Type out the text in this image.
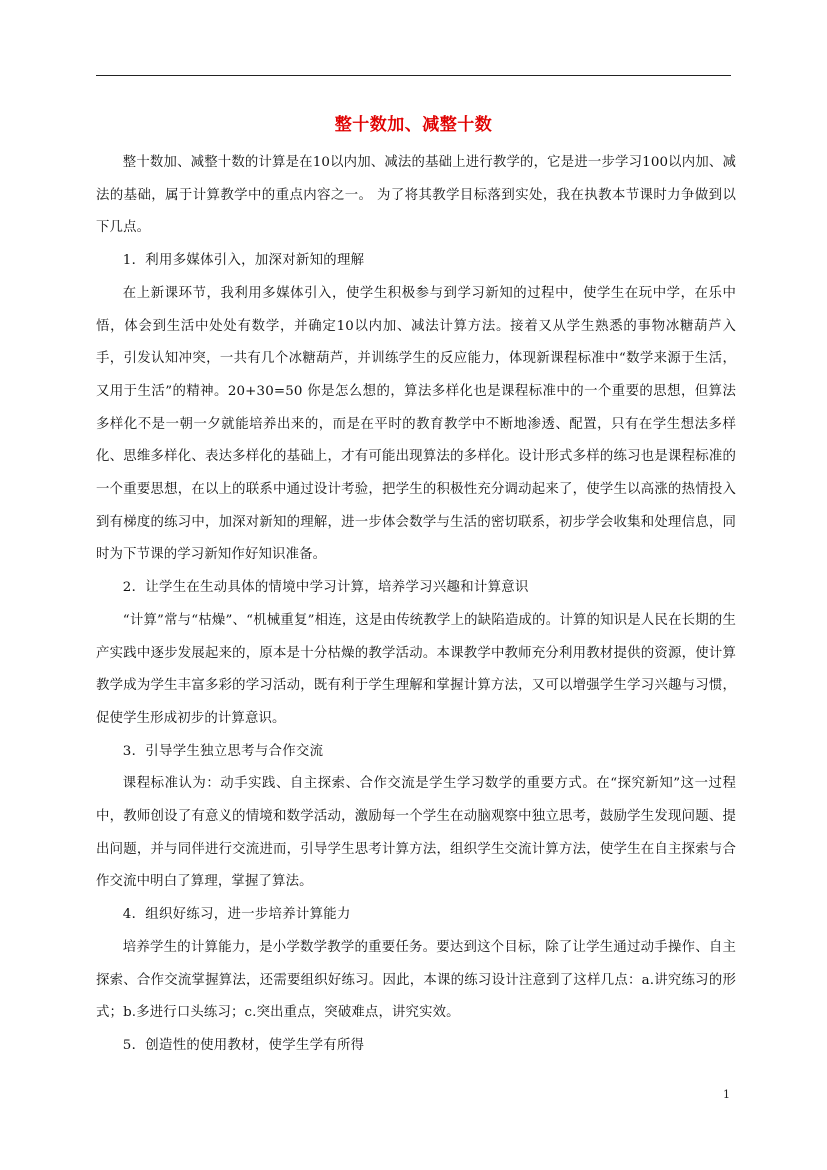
整十数加、减整十数

整十数加、减整十数的计算是在10以内加、减法的基础上进行教学的，它是进一步学习100以内加、减法的基础，属于计算教学中的重点内容之一。 为了将其教学目标落到实处，我在执教本节课时力争做到以下几点。

1．利用多媒体引入，加深对新知的理解

在上新课环节，我利用多媒体引入，使学生积极参与到学习新知的过程中，使学生在玩中学，在乐中悟，体会到生活中处处有数学，并确定10以内加、减法计算方法。接着又从学生熟悉的事物冰糖葫芦入手，引发认知冲突，一共有几个冰糖葫芦，并训练学生的反应能力，体现新课程标准中“数学来源于生活，又用于生活”的精神。20+30=50 你是怎么想的，算法多样化也是课程标准中的一个重要的思想，但算法多样化不是一朝一夕就能培养出来的，而是在平时的教育教学中不断地渗透、配置，只有在学生想法多样化、思维多样化、表达多样化的基础上，才有可能出现算法的多样化。设计形式多样的练习也是课程标准的一个重要思想，在以上的联系中通过设计考验，把学生的积极性充分调动起来了，使学生以高涨的热情投入到有梯度的练习中，加深对新知的理解，进一步体会数学与生活的密切联系，初步学会收集和处理信息，同时为下节课的学习新知作好知识准备。

2．让学生在生动具体的情境中学习计算，培养学习兴趣和计算意识

“计算”常与“枯燥”、“机械重复”相连，这是由传统教学上的缺陷造成的。计算的知识是人民在长期的生产实践中逐步发展起来的，原本是十分枯燥的教学活动。本课教学中教师充分利用教材提供的资源，使计算教学成为学生丰富多彩的学习活动，既有利于学生理解和掌握计算方法，又可以增强学生学习兴趣与习惯，促使学生形成初步的计算意识。

3．引导学生独立思考与合作交流

课程标准认为：动手实践、自主探索、合作交流是学生学习数学的重要方式。在“探究新知”这一过程中，教师创设了有意义的情境和数学活动，激励每一个学生在动脑观察中独立思考，鼓励学生发现问题、提出问题，并与同伴进行交流进而，引导学生思考计算方法，组织学生交流计算方法，使学生在自主探索与合作交流中明白了算理，掌握了算法。

4．组织好练习，进一步培养计算能力

培养学生的计算能力，是小学数学教学的重要任务。要达到这个目标，除了让学生通过动手操作、自主探索、合作交流掌握算法，还需要组织好练习。因此，本课的练习设计注意到了这样几点：a.讲究练习的形式；b.多进行口头练习；c.突出重点，突破难点，讲究实效。

5．创造性的使用教材，使学生学有所得

1
